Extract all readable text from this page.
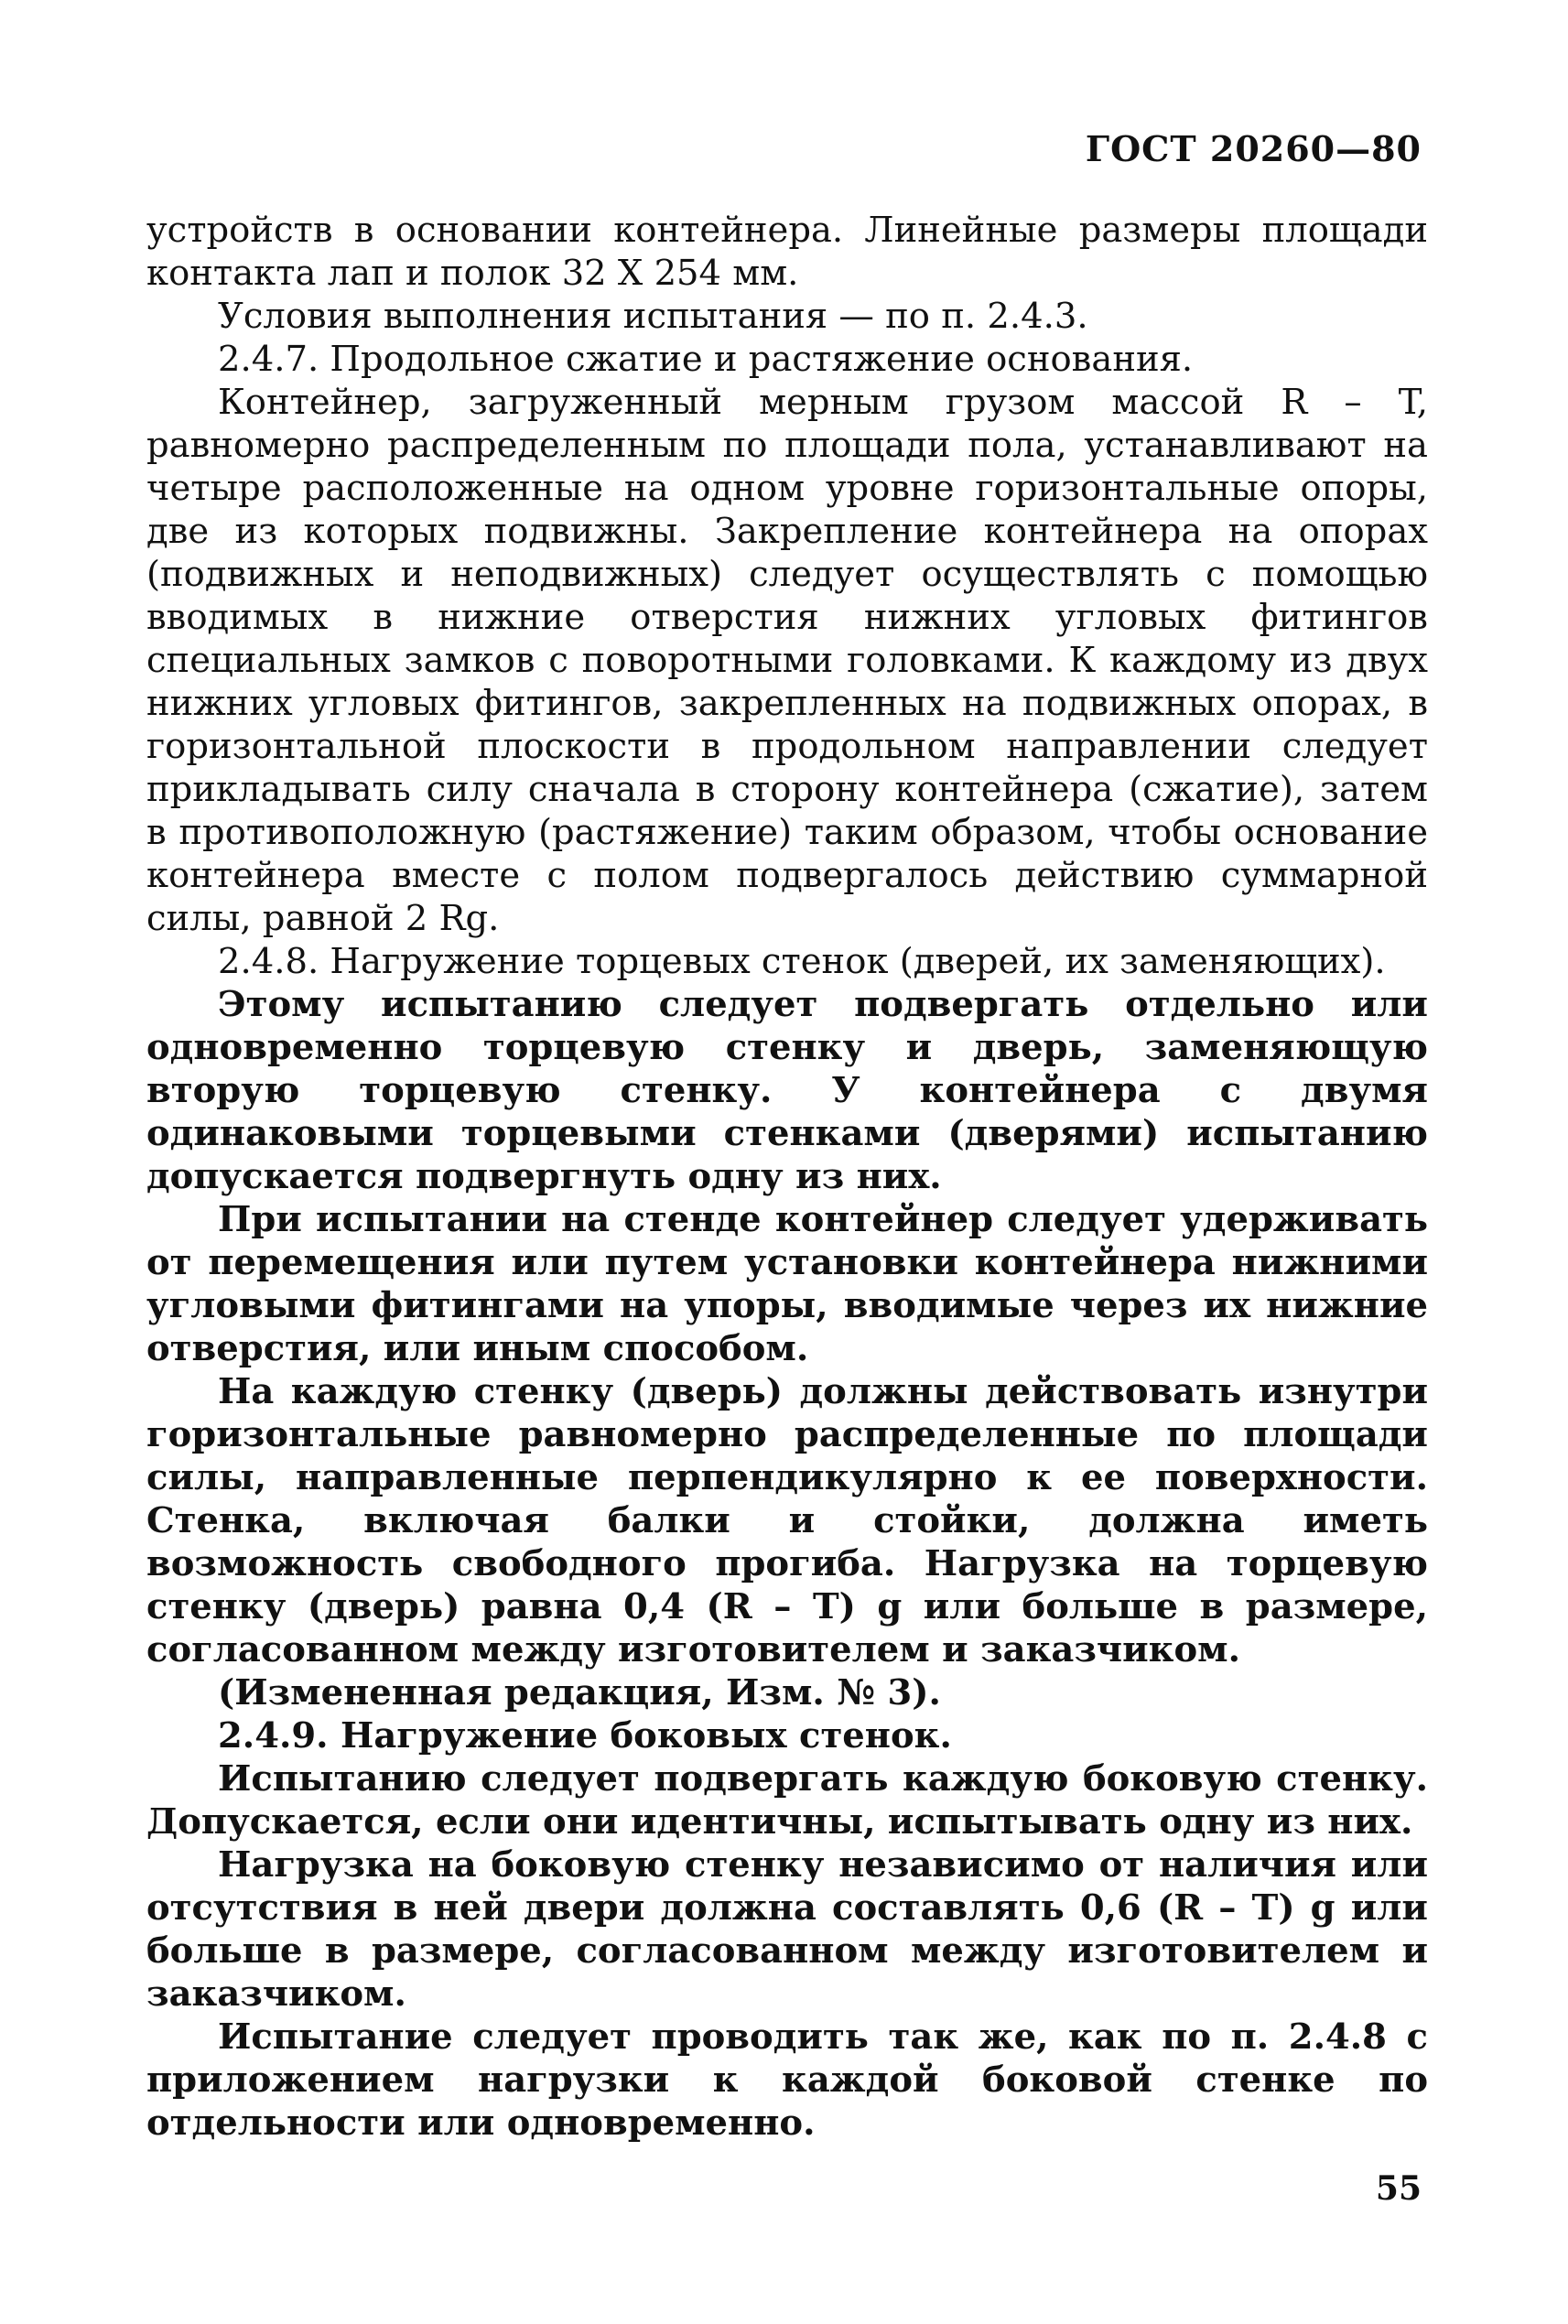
ГОСТ 20260—80

устройств в основании контейнера. Линейные размеры площади контакта лап и полок 32 X 254 мм.

Условия выполнения испытания — по п. 2.4.3.

2.4.7. Продольное сжатие и растяжение основания.

Контейнер, загруженный мерным грузом массой R – T, равномерно распределенным по площади пола, устанавливают на четыре расположенные на одном уровне горизонтальные опоры, две из которых подвижны. Закрепление контейнера на опорах (подвижных и неподвижных) следует осуществлять с помощью вводимых в нижние отверстия нижних угловых фитингов специальных замков с поворотными головками. К каждому из двух нижних угловых фитингов, закрепленных на подвижных опорах, в горизонтальной плоскости в продольном направлении следует прикладывать силу сначала в сторону контейнера (сжатие), затем в противоположную (растяжение) таким образом, чтобы основание контейнера вместе с полом подвергалось действию суммарной силы, равной 2 Rg.

2.4.8. Нагружение торцевых стенок (дверей, их заменяющих).

Этому испытанию следует подвергать отдельно или одновременно торцевую стенку и дверь, заменяющую вторую торцевую стенку. У контейнера с двумя одинаковыми торцевыми стенками (дверями) испытанию допускается подвергнуть одну из них.

При испытании на стенде контейнер следует удерживать от перемещения или путем установки контейнера нижними угловыми фитингами на упоры, вводимые через их нижние отверстия, или иным способом.

На каждую стенку (дверь) должны действовать изнутри горизонтальные равномерно распределенные по площади силы, направленные перпендикулярно к ее поверхности. Стенка, включая балки и стойки, должна иметь возможность свободного прогиба. Нагрузка на торцевую стенку (дверь) равна 0,4 (R – T) g или больше в размере, согласованном между изготовителем и заказчиком.

(Измененная редакция, Изм. № 3).

2.4.9. Нагружение боковых стенок.

Испытанию следует подвергать каждую боковую стенку. Допускается, если они идентичны, испытывать одну из них.

Нагрузка на боковую стенку независимо от наличия или отсутствия в ней двери должна составлять 0,6 (R – T) g или больше в размере, согласованном между изготовителем и заказчиком.

Испытание следует проводить так же, как по п. 2.4.8 с приложением нагрузки к каждой боковой стенке по отдельности или одновременно.

55
